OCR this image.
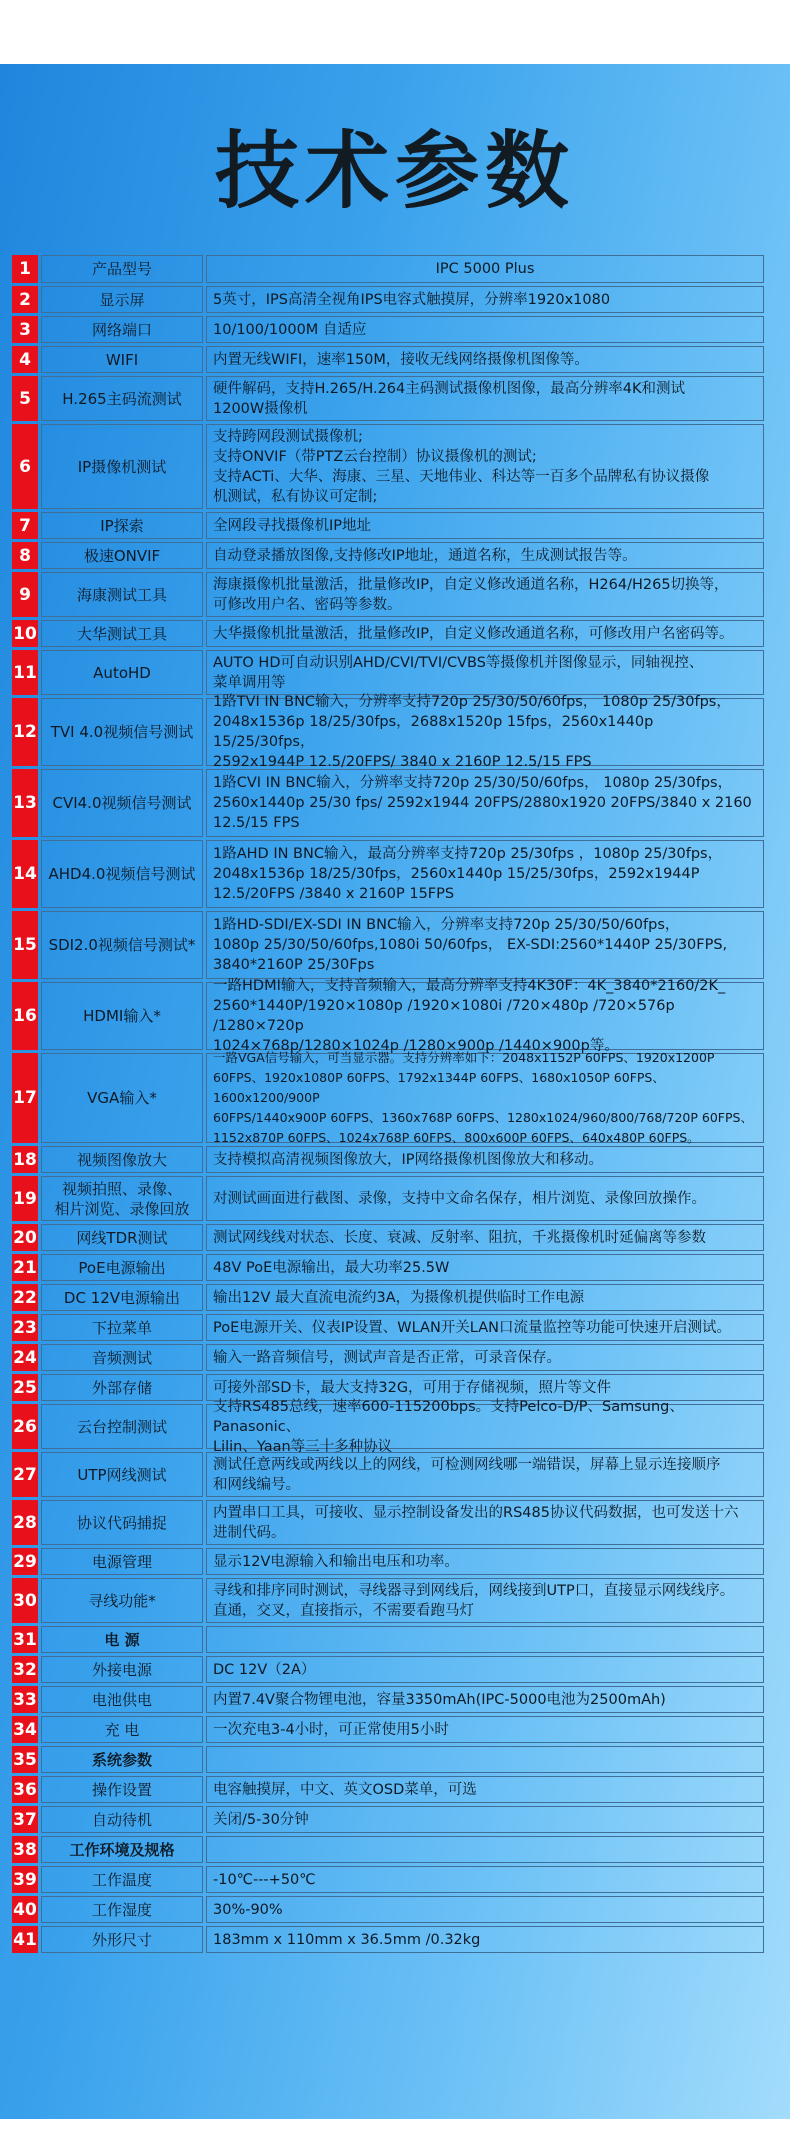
技术参数
1	产品型号	IPC 5000 Plus
2	显示屏	5英寸，IPS高清全视角IPS电容式触摸屏，分辨率1920x1080
3	网络端口	10/100/1000M 自适应
4	WIFI	内置无线WIFI，速率150M，接收无线网络摄像机图像等。
5	H.265主码流测试
硬件解码，支持H.265/H.264主码测试摄像机图像，最高分辨率4K和测试
1200W摄像机
6	IP摄像机测试
支持跨网段测试摄像机;
支持ONVIF（带PTZ云台控制）协议摄像机的测试;
支持ACTi、大华、海康、三星、天地伟业、科达等一百多个品牌私有协议摄像
机测试，私有协议可定制;
7	IP探索	全网段寻找摄像机IP地址
8	极速ONVIF	自动登录播放图像,支持修改IP地址，通道名称，生成测试报告等。
9	海康测试工具
海康摄像机批量激活，批量修改IP，自定义修改通道名称，H264/H265切换等，
可修改用户名、密码等参数。
10	大华测试工具	大华摄像机批量激活，批量修改IP，自定义修改通道名称，可修改用户名密码等。
11	AutoHD
AUTO HD可自动识别AHD/CVI/TVI/CVBS等摄像机并图像显示，同轴视控、
菜单调用等
12 TVI 4.0视频信号测试
1路TVI IN BNC输入，分辨率支持720p 25/30/50/60fps， 1080p 25/30fps，
2048x1536p 18/25/30fps，2688x1520p 15fps，2560x1440p 15/25/30fps，
2592x1944P 12.5/20FPS/ 3840 x 2160P 12.5/15 FPS
13	CVI4.0视频信号测试
1路CVI IN BNC输入，分辨率支持720p 25/30/50/60fps， 1080p 25/30fps，
2560x1440p 25/30 fps/ 2592x1944 20FPS/2880x1920 20FPS/3840 x 2160
12.5/15 FPS
14 AHD4.0视频信号测试
1路AHD IN BNC输入，最高分辨率支持720p 25/30fps ，1080p 25/30fps，
2048x1536p 18/25/30fps，2560x1440p 15/25/30fps，2592x1944P
12.5/20FPS /3840 x 2160P 15FPS
15 SDI2.0视频信号测试*
1路HD-SDI/EX-SDI IN BNC输入，分辨率支持720p 25/30/50/60fps，
1080p 25/30/50/60fps,1080i 50/60fps， EX-SDI:2560*1440P 25/30FPS,
3840*2160P 25/30Fps
16	HDMI输入*
一路HDMI输入，支持音频输入，最高分辨率支持4K30F：4K_3840*2160/2K_
2560*1440P/1920×1080p /1920×1080i /720×480p /720×576p /1280×720p
1024×768p/1280×1024p /1280×900p /1440×900p等。
17	VGA输入*
一路VGA信号输入，可当显示器。支持分辨率如下：2048x1152P 60FPS、1920x1200P
60FPS、1920x1080P 60FPS、1792x1344P 60FPS、1680x1050P 60FPS、1600x1200/900P
60FPS/1440x900P 60FPS、1360x768P 60FPS、1280x1024/960/800/768/720P 60FPS、
1152x870P 60FPS、1024x768P 60FPS、800x600P 60FPS、640x480P 60FPS。
18	视频图像放大	支持模拟高清视频图像放大，IP网络摄像机图像放大和移动。
19	视频拍照、录像、
相片浏览、录像回放
对测试画面进行截图、录像，支持中文命名保存，相片浏览、录像回放操作。
20	网线TDR测试	测试网线线对状态、长度、衰减、反射率、阻抗，千兆摄像机时延偏离等参数
21	PoE电源输出	48V PoE电源输出，最大功率25.5W
22	DC 12V电源输出	输出12V 最大直流电流约3A，为摄像机提供临时工作电源
23	下拉菜单	PoE电源开关、仪表IP设置、WLAN开关LAN口流量监控等功能可快速开启测试。
24	音频测试	输入一路音频信号，测试声音是否正常，可录音保存。
25	外部存储	可接外部SD卡，最大支持32G，可用于存储视频，照片等文件
26	云台控制测试
支持RS485总线，速率600-115200bps。支持Pelco-D/P、Samsung、Panasonic、
Lilin、Yaan等三十多种协议
27	UTP网线测试
测试任意两线或两线以上的网线，可检测网线哪一端错误，屏幕上显示连接顺序
和网线编号。
28	协议代码捕捉
内置串口工具，可接收、显示控制设备发出的RS485协议代码数据，也可发送十六
进制代码。
29	电源管理	显示12V电源输入和输出电压和功率。
30	寻线功能*
寻线和排序同时测试，寻线器寻到网线后，网线接到UTP口，直接显示网线线序。
直通，交叉，直接指示，不需要看跑马灯
31	电 源
32	外接电源	DC 12V（2A）
33	电池供电	内置7.4V聚合物锂电池，容量3350mAh(IPC-5000电池为2500mAh)
34	充 电	一次充电3-4小时，可正常使用5小时
35	系统参数
36	操作设置	电容触摸屏，中文、英文OSD菜单，可选
37	自动待机	关闭/5-30分钟
38	工作环境及规格
39	工作温度	-10℃---+50℃
40	工作湿度	30%-90%
41	外形尺寸	183mm x 110mm x 36.5mm /0.32kg
